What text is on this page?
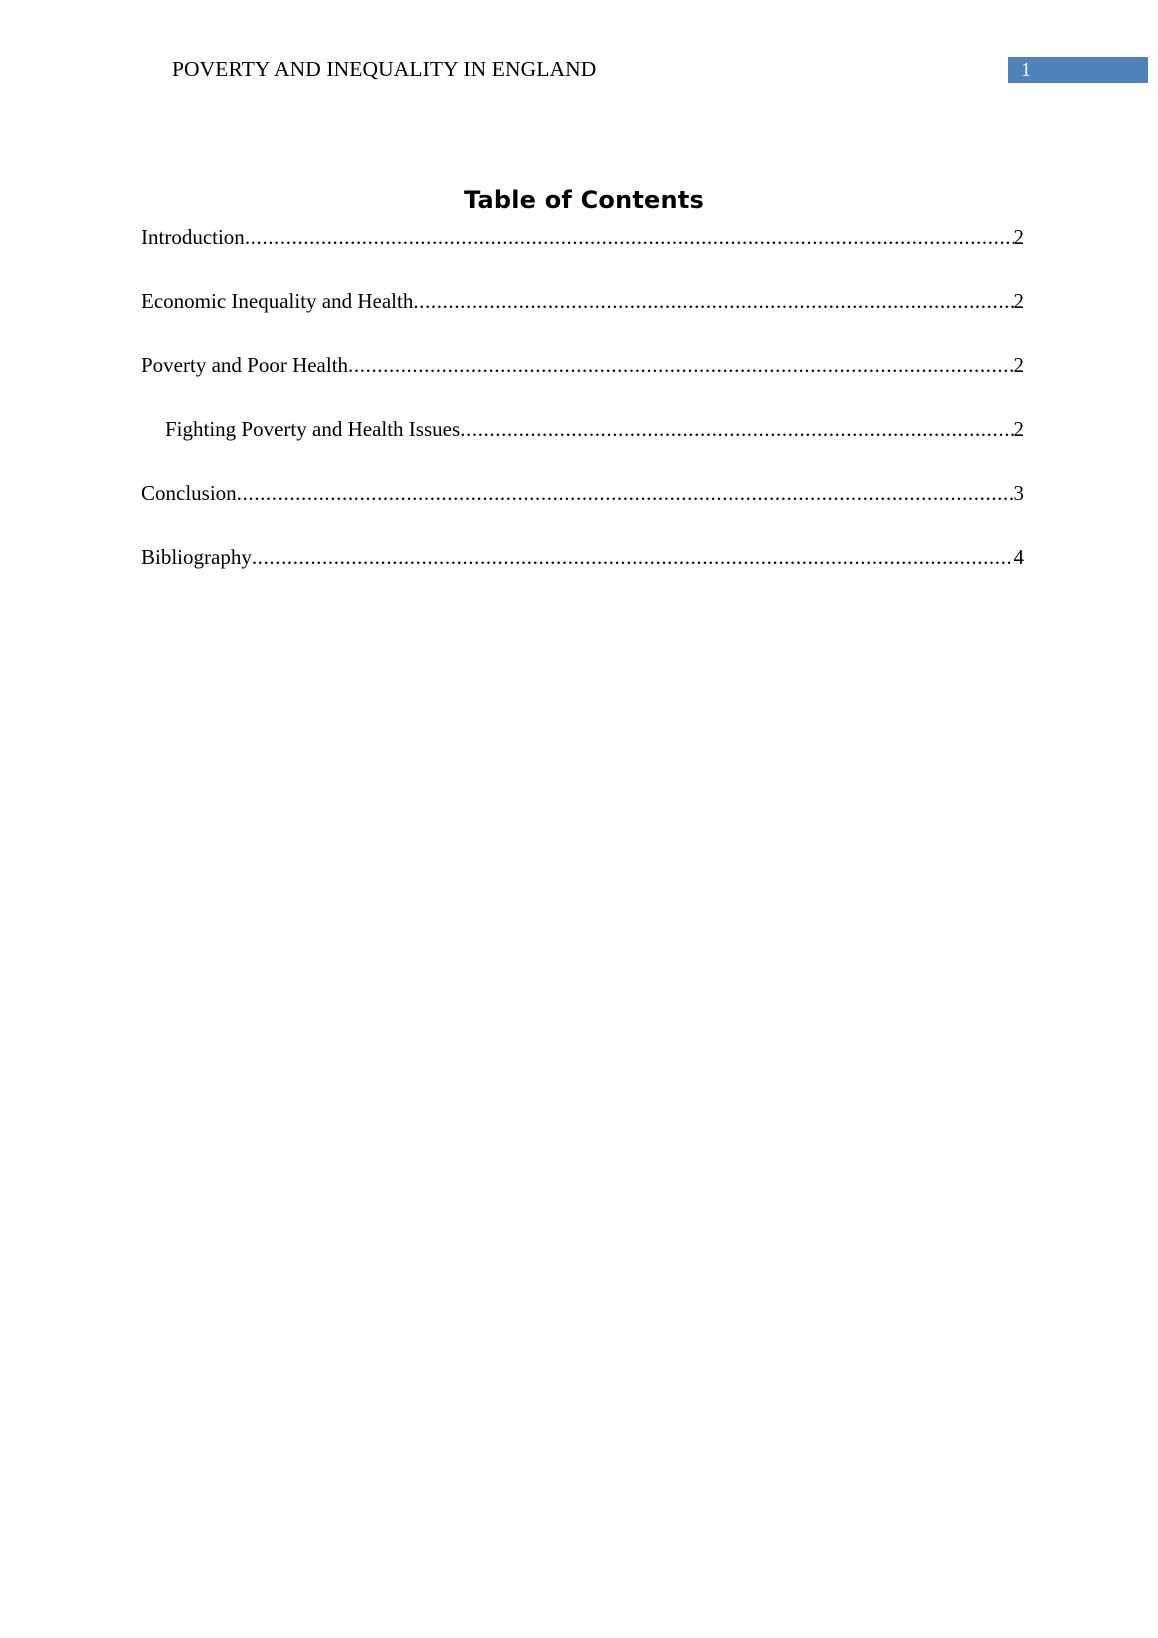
POVERTY AND INEQUALITY IN ENGLAND	1
Table of Contents
Introduction .....	2
Economic Inequality and Health .....	2
Poverty and Poor Health .....	2
Fighting Poverty and Health Issues .....	2
Conclusion .....	3
Bibliography .....	4
